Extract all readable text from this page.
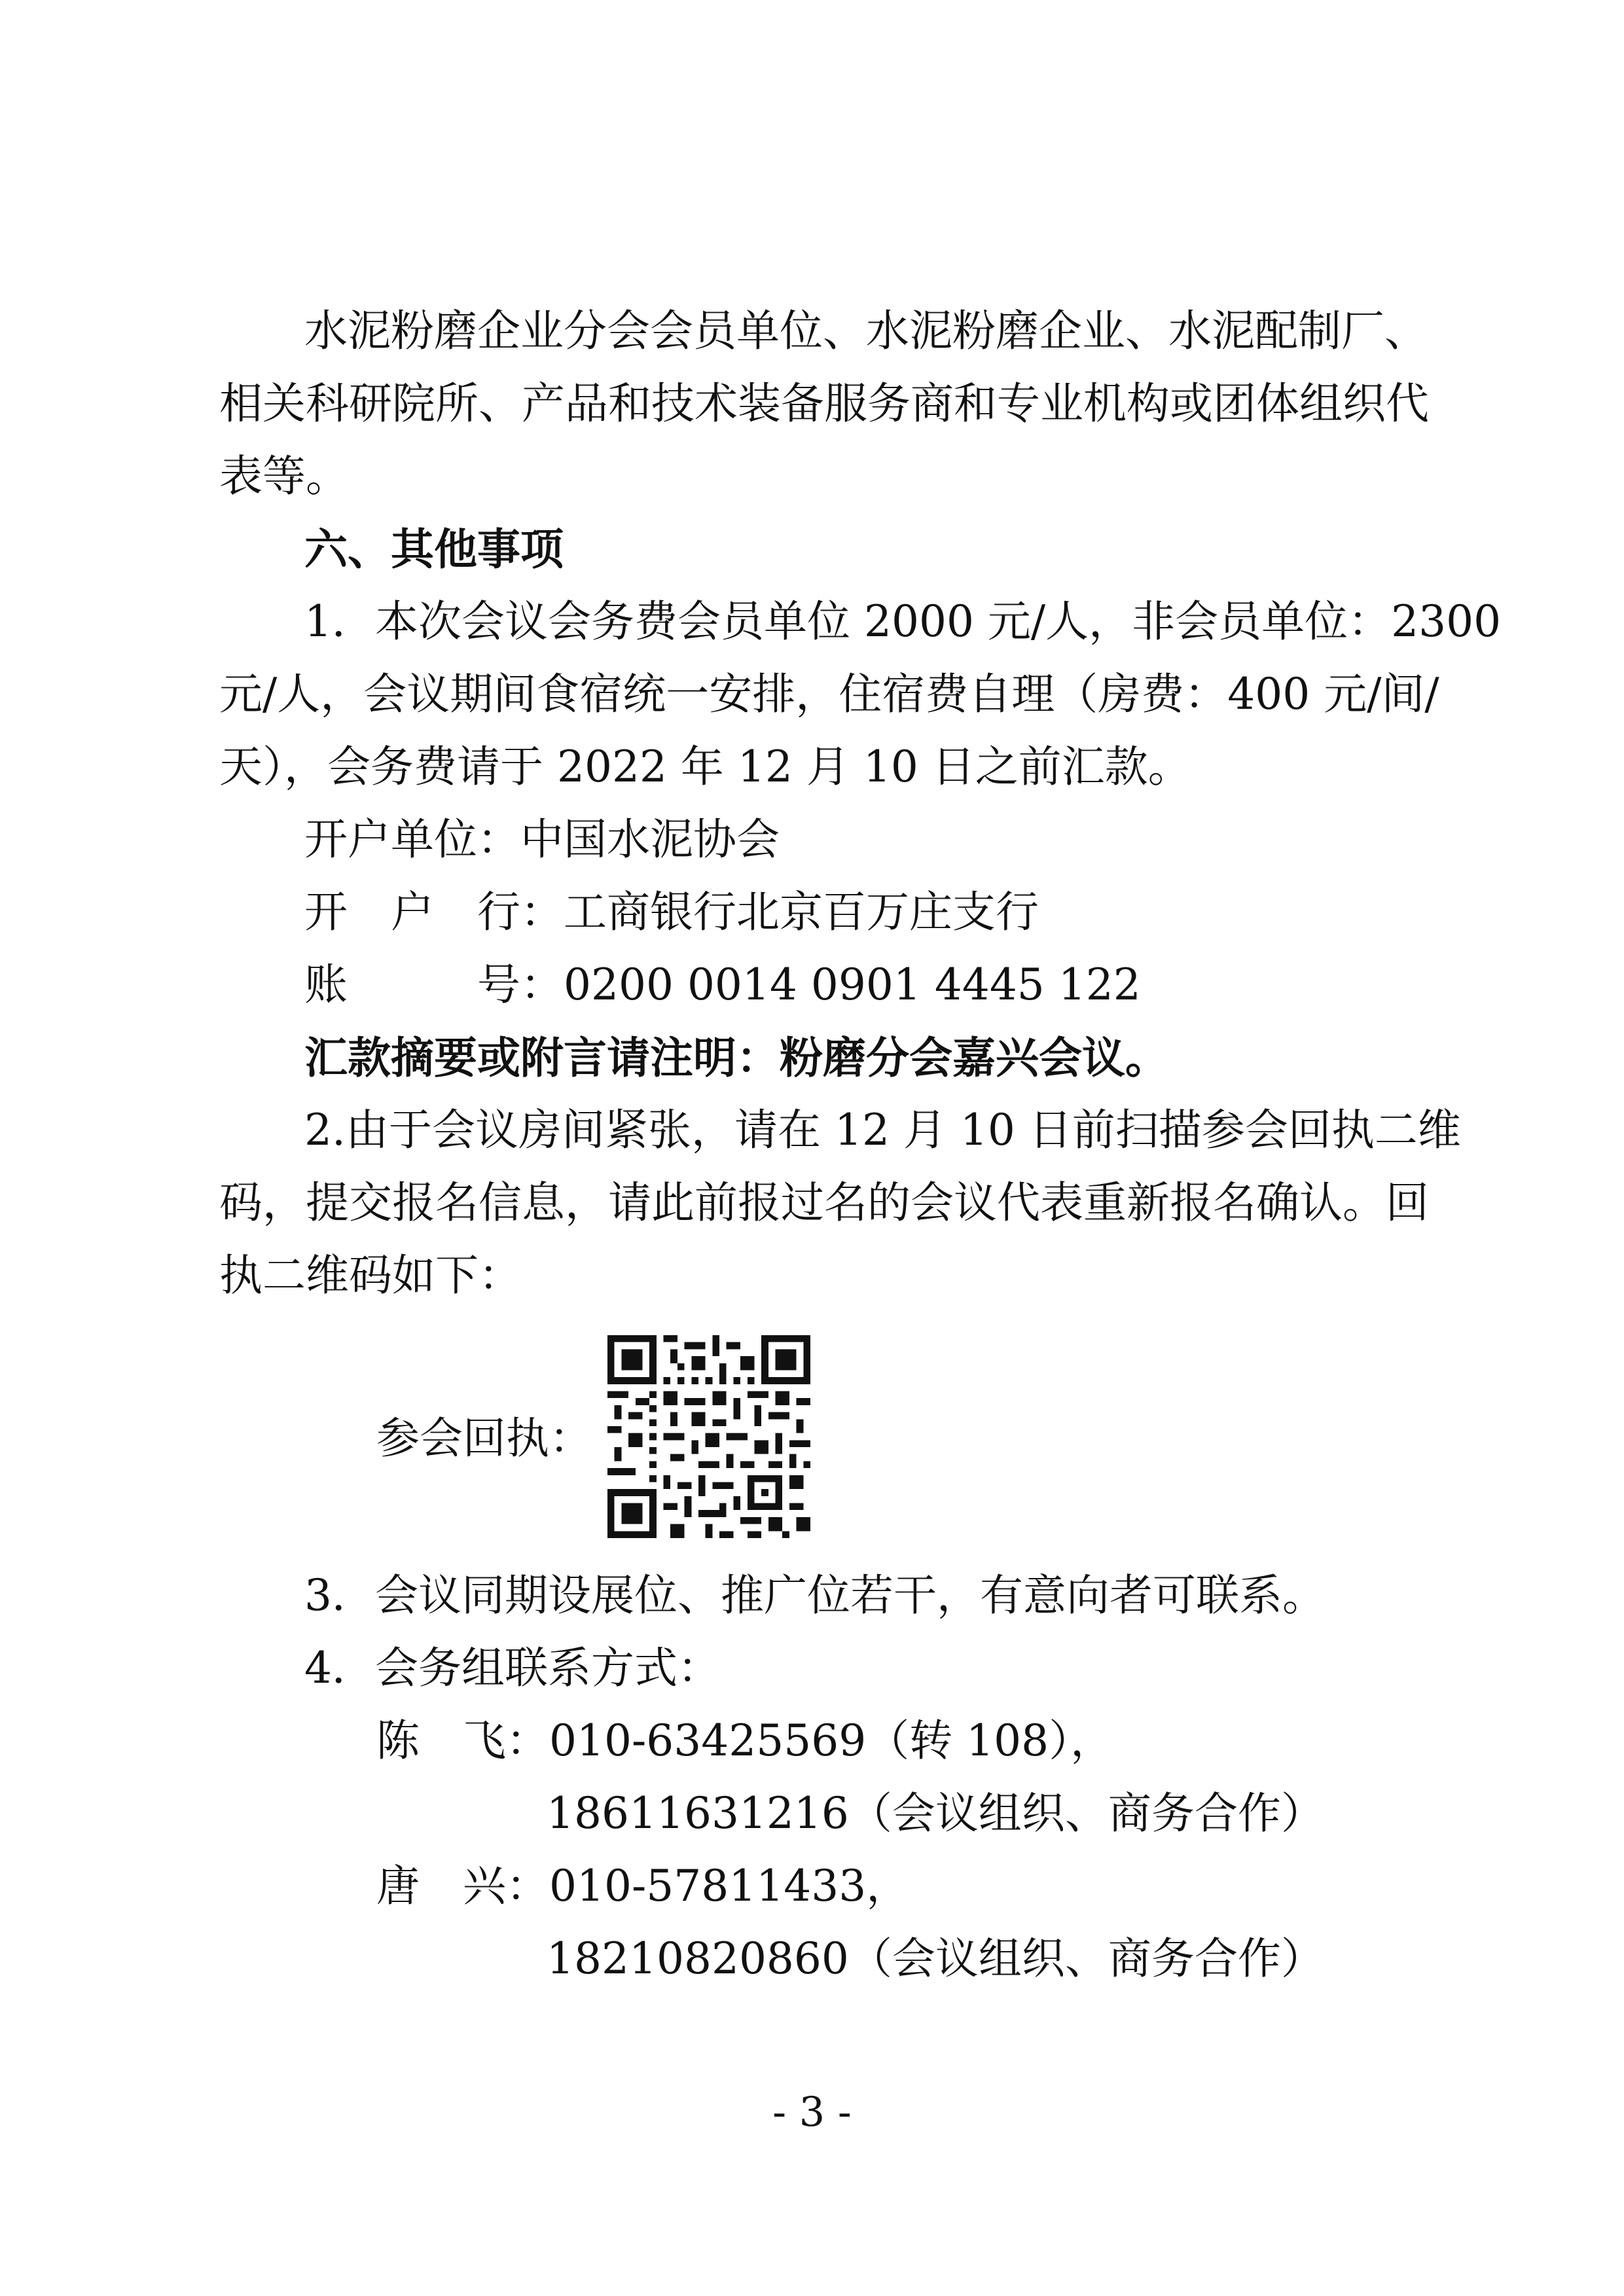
水泥粉磨企业分会会员单位、水泥粉磨企业、水泥配制厂、
相关科研院所、产品和技术装备服务商和专业机构或团体组织代
表等。
六、其他事项
1．本次会议会务费会员单位 2000 元/人，非会员单位：2300
元/人，会议期间食宿统一安排，住宿费自理（房费：400 元/间/
天），会务费请于 2022 年 12 月 10 日之前汇款。
开户单位：中国水泥协会
开　户　行：工商银行北京百万庄支行
账　　　号：0200 0014 0901 4445 122
汇款摘要或附言请注明：粉磨分会嘉兴会议。
2.由于会议房间紧张，请在 12 月 10 日前扫描参会回执二维
码，提交报名信息，请此前报过名的会议代表重新报名确认。回
执二维码如下：
参会回执：
3．会议同期设展位、推广位若干，有意向者可联系。
4．会务组联系方式：
陈　飞：010-63425569（转 108），
18611631216（会议组织、商务合作）
唐　兴：010-57811433，
18210820860（会议组织、商务合作）
- 3 -
